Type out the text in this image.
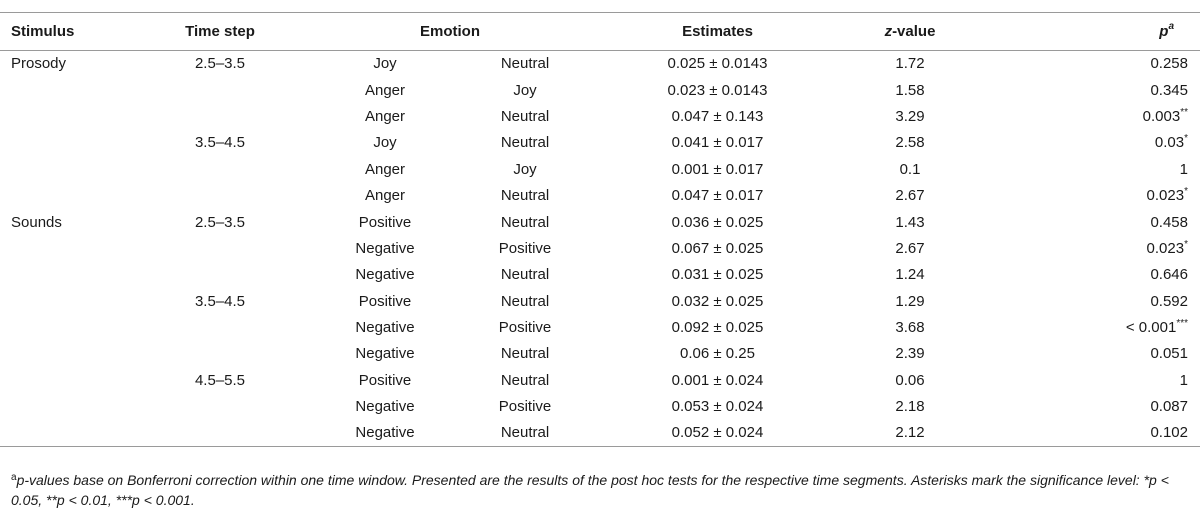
Stimulus	Time step	Emotion		Estimates	z-value	$p^a$
Prosody	2.5–3.5	Joy	Neutral	0.025 ± 0.0143	1.72	0.258
		Anger	Joy	0.023 ± 0.0143	1.58	0.345
		Anger	Neutral	0.047 ± 0.143	3.29	0.003**
	3.5–4.5	Joy	Neutral	0.041 ± 0.017	2.58	0.03*
		Anger	Joy	0.001 ± 0.017	0.1	1
		Anger	Neutral	0.047 ± 0.017	2.67	0.023*
Sounds	2.5–3.5	Positive	Neutral	0.036 ± 0.025	1.43	0.458
		Negative	Positive	0.067 ± 0.025	2.67	0.023*
		Negative	Neutral	0.031 ± 0.025	1.24	0.646
	3.5–4.5	Positive	Neutral	0.032 ± 0.025	1.29	0.592
		Negative	Positive	0.092 ± 0.025	3.68	< 0.001***
		Negative	Neutral	0.06 ± 0.25	2.39	0.051
	4.5–5.5	Positive	Neutral	0.001 ± 0.024	0.06	1
		Negative	Positive	0.053 ± 0.024	2.18	0.087
		Negative	Neutral	0.052 ± 0.024	2.12	0.102
$^a$p-values base on Bonferroni correction within one time window. Presented are the results of the post hoc tests for the respective time segments. Asterisks mark the significance level: *p < 0.05, **p < 0.01, ***p < 0.001.
